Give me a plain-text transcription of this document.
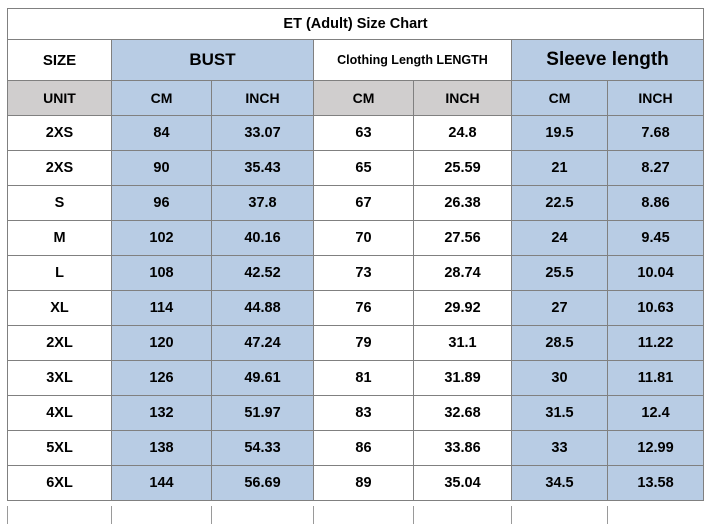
ET (Adult) Size Chart						
SIZE	BUST		Clothing Length LENGTH		Sleeve length	
UNIT	CM	INCH	CM	INCH	CM	INCH
2XS	84	33.07	63	24.8	19.5	7.68
2XS	90	35.43	65	25.59	21	8.27
S	96	37.8	67	26.38	22.5	8.86
M	102	40.16	70	27.56	24	9.45
L	108	42.52	73	28.74	25.5	10.04
XL	114	44.88	76	29.92	27	10.63
2XL	120	47.24	79	31.1	28.5	11.22
3XL	126	49.61	81	31.89	30	11.81
4XL	132	51.97	83	32.68	31.5	12.4
5XL	138	54.33	86	33.86	33	12.99
6XL	144	56.69	89	35.04	34.5	13.58
